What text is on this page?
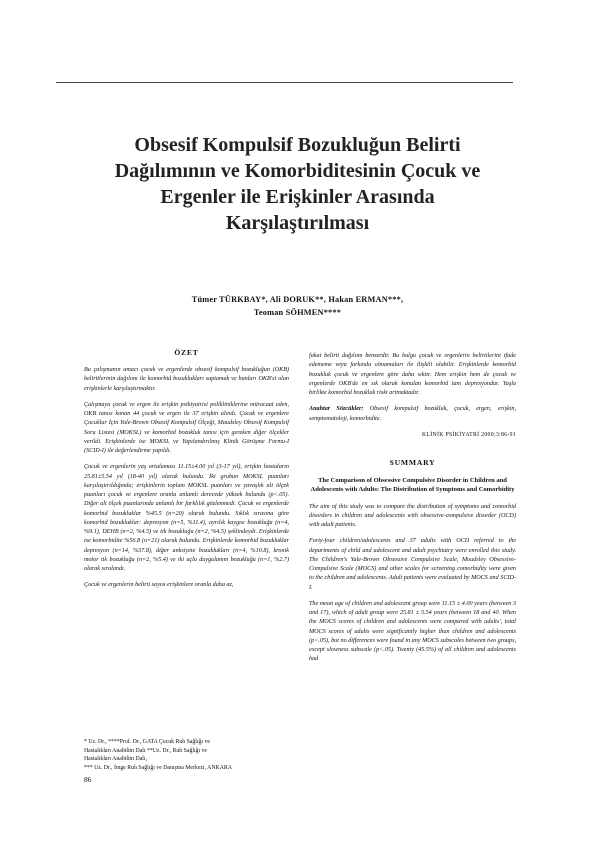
Obsesif Kompulsif Bozukluğun Belirti
Dağılımının ve Komorbiditesinin Çocuk ve
Ergenler ile Erişkinler Arasında
Karşılaştırılması
Tümer TÜRKBAY*, Ali DORUK**, Hakan ERMAN***,
Teoman SÖHMEN****
ÖZET

Bu çalışmanın amacı çocuk ve ergenlerde obsesif kompulsif bozukluğun (OKB) belirtilerinin dağılımı ile komorbid bozuklukları saptamak ve bunları OKB'si olan erişkinlerle karşılaştırmaktır.

Çalışmaya çocuk ve ergen ile erişkin psikiyatrisi polikliniklerine müracaat eden, OKB tanısı konan 44 çocuk ve ergen ile 37 erişkin alındı. Çocuk ve ergenlere Çocuklar İçin Yale-Brown Obsesif Kompulsif Ölçeği, Maudsley Obsesif Kompulsif Soru Listesi (MOKSL) ve komorbid bozukluk tanısı için gereken diğer ölçekler verildi. Erişkinlerde ise MOKSL ve Yapılandırılmış Klinik Görüşme Formu-I (SCID-I) ile değerlendirme yapıldı.

Çocuk ve ergenlerin yaş ortalaması 11.15±4.00 yıl (3-17 yıl), erişkin hastaların 25.81±5.54 yıl (18-40 yıl) olarak bulundu. İki grubun MOKSL puanları karşılaştırıldığında; erişkinlerin toplam MOKSL puanları ve yavaşlık alt ölçek puanları çocuk ve ergenlere oranla anlamlı derecede yüksek bulundu (p<.05). Diğer alt ölçek puanlarında anlamlı bir farklılık gözlenmedi. Çocuk ve ergenlerde komorbid bozukluklar %45.5 (n=20) olarak bulundu. Sıklık sırasına göre komorbid bozukluklar: depresyon (n=5, %11.4), ayrılık kaygısı bozukluğu (n=4, %9.1), DEHB (n=2, %4.5) ve tik bozukluğu (n=2, %4.5) şeklindeydi. Erişkinlerde ise komorbidite %56.8 (n=21) olarak bulundu. Erişkinlerde komorbid bozukluklar depresyon (n=14, %37.8), diğer anksiyete bozuklukları (n=4, %10.8), kronik motor tik bozukluğu (n=2, %5.4) ve iki uçlu duygulanım bozukluğu (n=1, %2.7) olarak sıralandı.

Çocuk ve ergenlerin belirti sayısı erişkinlere oranla daha az,

fakat belirti dağılımı benzerdir. Bu bulgu çocuk ve ergenlerin belirtilerini ifade edememe veya farkında olmamaları ile ilişkili olabilir. Erişkinlerde komorbid bozukluk çocuk ve ergenlere göre daha sıktır. Hem erişkin hem de çocuk ve ergenlerde OKB'de en sık olarak konulan komorbid tanı depresyondur. Yaşla birlikte komorbid bozukluk riski artmaktadır.

Anahtar Sözcükler: Obsesif kompulsif bozukluk, çocuk, ergen, erişkin, semptomatoloji, komorbidite.

KLİNİK PSİKİYATRİ 2000;3:86-91
SUMMARY
The Comparison of Obsessive Compulsive Disorder in Children and Adolescents with Adults: The Distribution of Symptoms and Comorbidity

The aim of this study was to compare the distribution of symptoms and comorbid disorders in children and adolescents with obsessive-compulsive disorder (OCD) with adult patients.

Forty-four children/adolescents and 37 adults with OCD referred to the departments of child and adolescent and adult psychiatry were enrolled this study. The Children's Yale-Brown Obsessive Compulsive Scale, Moudsley Obsessive-Compulsive Scale (MOCS) and other scales for screening comorbidity were given to the children and adolescents. Adult patients were evaluated by MOCS and SCID-I.

The mean age of children and adolescent group were 11.15 ± 4.00 years (between 3 and 17), which of adult group were 25.81 ± 5.54 years (between 18 and 40. When the MOCS scores of children and adolescents were compared with adults', total MOCS scores of adults were significantly higher than children and adolescents (p<.05), but no differences were found in any MOCS subscales between two groups, except slowness subscale (p<.05). Twenty (45.5%) of all children and adolescents had

* Uz. Dr., ****Prof. Dr., GATA Çocuk Ruh Sağlığı ve
Hastalıkları Anabilim Dalı **Uz. Dr., Ruh Sağlığı ve
Hastalıkları Anabilim Dalı,
*** Uz. Dr., İmge Ruh Sağlığı ve Danışma Merkezi, ANKARA
86
